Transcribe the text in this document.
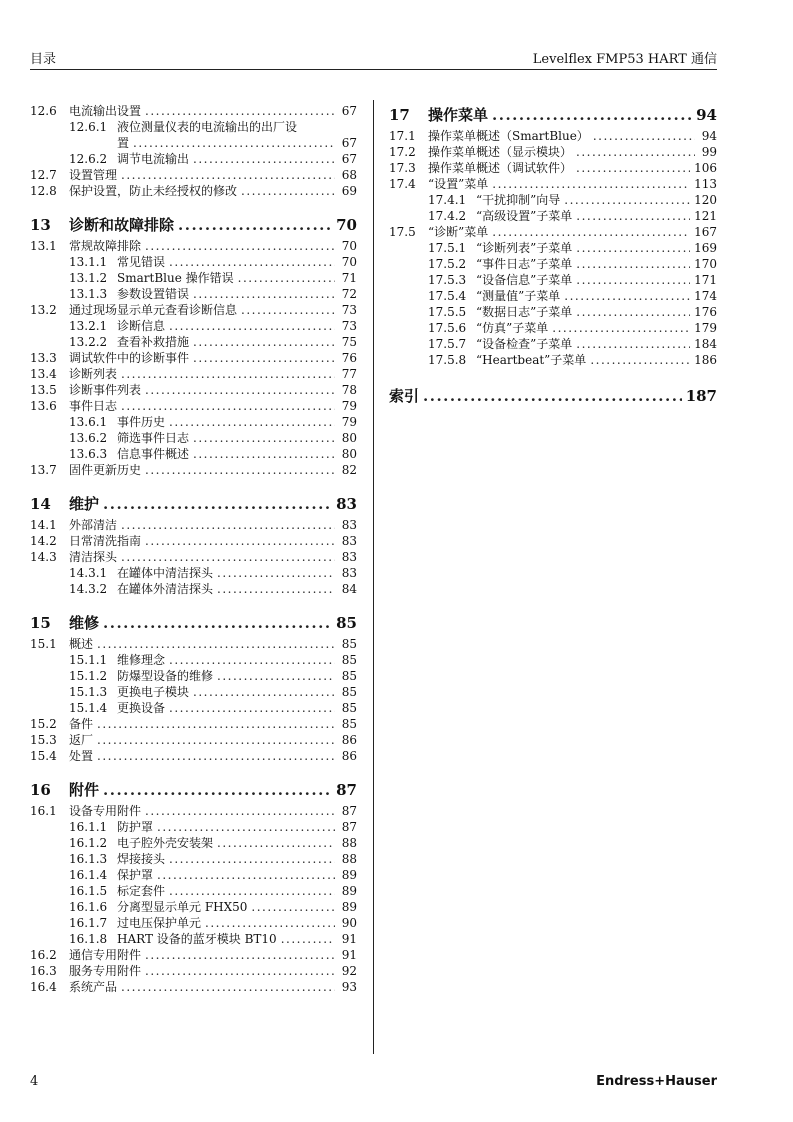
目录	Levelflex FMP53 HART 通信
12.6	电流输出设置 .....	67
12.6.1 液位测量仪表的电流输出的出厂设
置 .....	67
12.6.2 调节电流输出 .....	67
12.7	设置管理 .....	68
12.8	保护设置，防止未经授权的修改 .....	69
13	诊断和故障排除 .....	70
13.1	常规故障排除 .....	70
13.1.1 常见错误 .....	70
13.1.2 SmartBlue 操作错误 .....	71
13.1.3 参数设置错误 .....	72
13.2	通过现场显示单元查看诊断信息 .....	73
13.2.1 诊断信息 .....	73
13.2.2 查看补救措施 .....	75
13.3	调试软件中的诊断事件 .....	76
13.4	诊断列表 .....	77
13.5	诊断事件列表 .....	78
13.6	事件日志 .....	79
13.6.1 事件历史 .....	79
13.6.2 筛选事件日志 .....	80
13.6.3 信息事件概述 .....	80
13.7	固件更新历史 .....	82
14	维护 .....	83
14.1	外部清洁 .....	83
14.2	日常清洗指南 .....	83
14.3	清洁探头 .....	83
14.3.1 在罐体中清洁探头 .....	83
14.3.2 在罐体外清洁探头 .....	84
15	维修 .....	85
15.1	概述 .....	85
15.1.1 维修理念 .....	85
15.1.2 防爆型设备的维修 .....	85
15.1.3 更换电子模块 .....	85
15.1.4 更换设备 .....	85
15.2	备件 .....	85
15.3	返厂 .....	86
15.4	处置 .....	86
16	附件 .....	87
16.1	设备专用附件 .....	87
16.1.1 防护罩 .....	87
16.1.2 电子腔外壳安装架 .....	88
16.1.3 焊接接头 .....	88
16.1.4 保护罩 .....	89
16.1.5 标定套件 .....	89
16.1.6 分离型显示单元 FHX50 .....	89
16.1.7 过电压保护单元 .....	90
16.1.8 HART 设备的蓝牙模块 BT10 .....	91
16.2	通信专用附件 .....	91
16.3	服务专用附件 .....	92
16.4	系统产品 .....	93
17	操作菜单 .....	94
17.1	操作菜单概述（SmartBlue） .....	94
17.2	操作菜单概述（显示模块） .....	99
17.3	操作菜单概述（调试软件） .....	106
17.4	“设置”菜单 .....	113
17.4.1 “干扰抑制”向导 .....	120
17.4.2 “高级设置”子菜单 .....	121
17.5	“诊断”菜单 .....	167
17.5.1 “诊断列表”子菜单 .....	169
17.5.2 “事件日志”子菜单 .....	170
17.5.3 “设备信息”子菜单 .....	171
17.5.4 “测量值”子菜单 .....	174
17.5.5 “数据日志”子菜单 .....	176
17.5.6 “仿真”子菜单 .....	179
17.5.7 “设备检查”子菜单 .....	184
17.5.8 “Heartbeat”子菜单 .....	186
索引 .....	187
4	Endress+Hauser
